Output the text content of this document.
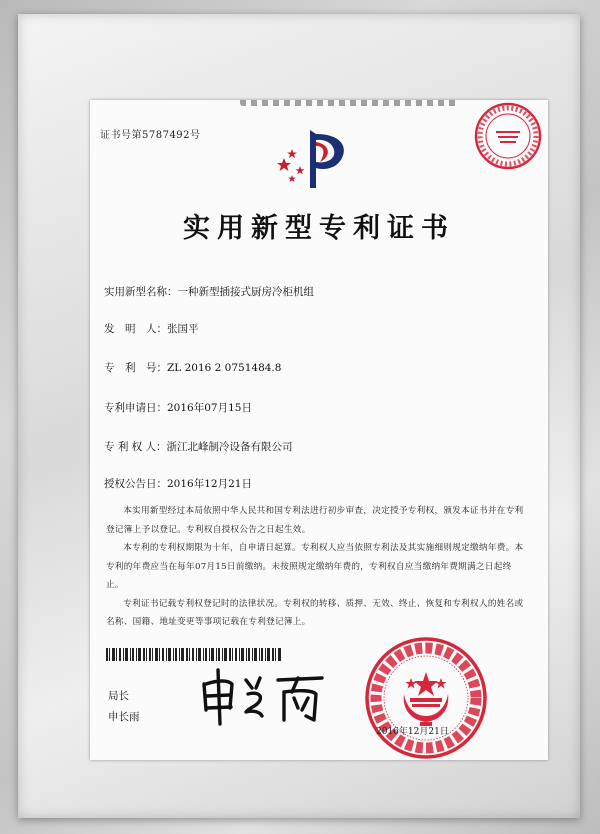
证书号第5787492号
实用新型专利证书
实用新型名称：一种新型插接式厨房冷柜机组
发　明　人：张国平
专　利　号：ZL 2016 2 0751484.8
专利申请日：2016年07月15日
专 利 权 人：浙江北峰制冷设备有限公司
授权公告日：2016年12月21日

本实用新型经过本局依照中华人民共和国专利法进行初步审查，决定授予专利权，颁发本证书并在专利登记簿上予以登记。专利权自授权公告之日起生效。

本专利的专利权期限为十年，自申请日起算。专利权人应当依照专利法及其实施细则规定缴纳年费。本专利的年费应当在每年07月15日前缴纳。未按照规定缴纳年费的，专利权自应当缴纳年费期满之日起终止。

专利证书记载专利权登记时的法律状况。专利权的转移、质押、无效、终止、恢复和专利权人的姓名或名称、国籍、地址变更等事项记载在专利登记簿上。

局长
申长雨
2016年12月21日
